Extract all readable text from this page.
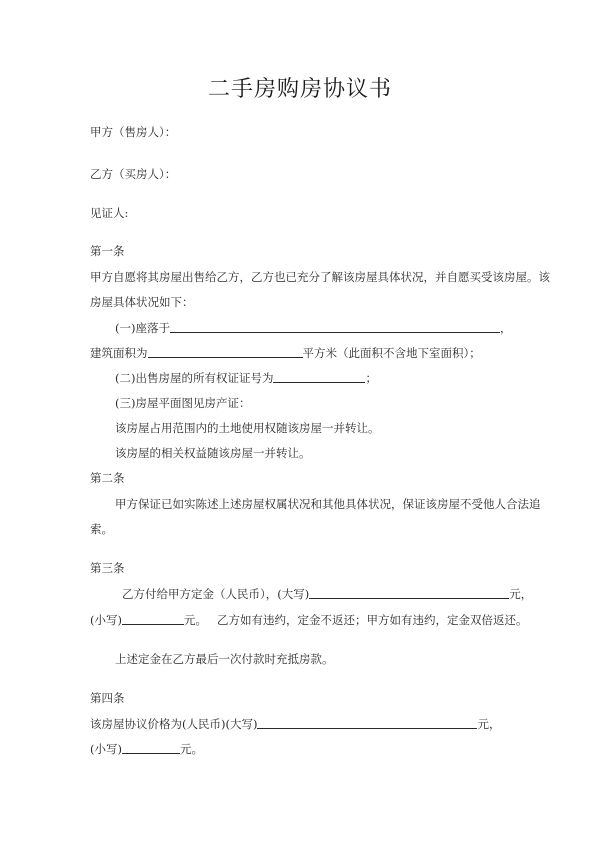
二手房购房协议书
甲方（售房人）：
乙方（买房人）：
见证人:
第一条
甲方自愿将其房屋出售给乙方，乙方也已充分了解该房屋具体状况，并自愿买受该房屋。该
房屋具体状况如下：
(一)座落于	，
建筑面积为	平方米（此面积不含地下室面积）；
(二)出售房屋的所有权证证号为	；
(三)房屋平面图见房产证：
该房屋占用范围内的土地使用权随该房屋一并转让。
该房屋的相关权益随该房屋一并转让。
第二条
甲方保证已如实陈述上述房屋权属状况和其他具体状况，保证该房屋不受他人合法追
索。
第三条
乙方付给甲方定金（人民币），(大写)	元，
(小写)	元。 乙方如有违约，定金不返还；甲方如有违约，定金双倍返还。
上述定金在乙方最后一次付款时充抵房款。
第四条
该房屋协议价格为(人民币)(大写)	元，
(小写)	元。
